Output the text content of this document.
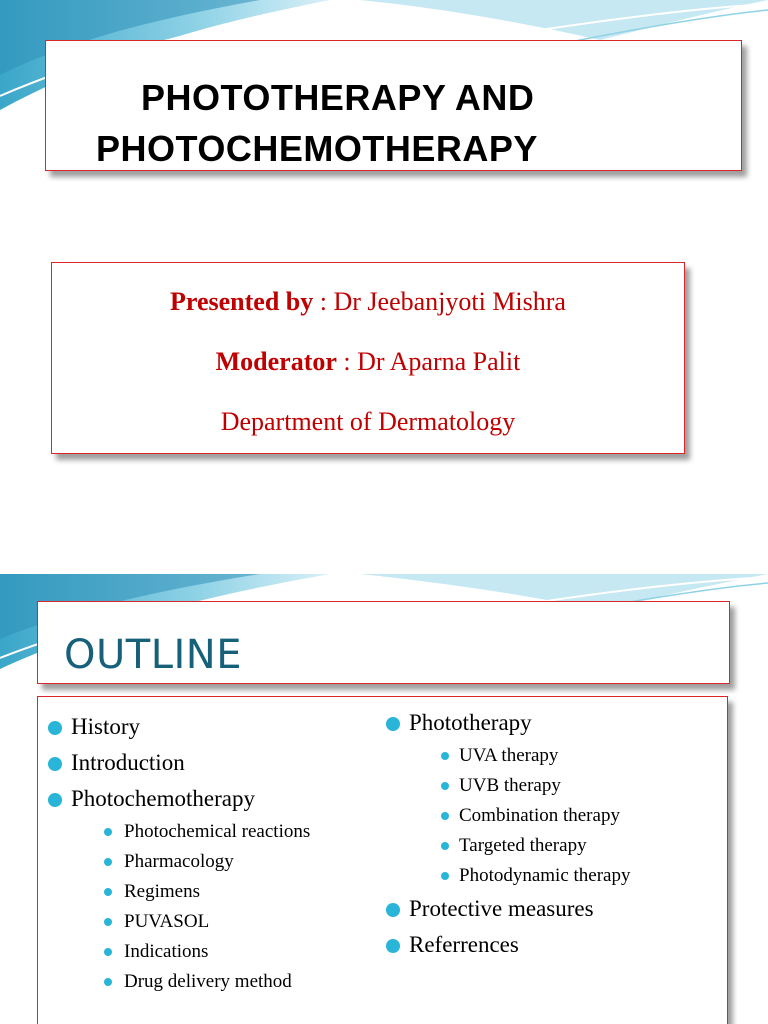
PHOTOTHERAPY AND
PHOTOCHEMOTHERAPY
Presented by : Dr Jeebanjyoti Mishra
Moderator : Dr Aparna Palit
Department of Dermatology
OUTLINE
History
Introduction
Photochemotherapy
Photochemical reactions
Pharmacology
Regimens
PUVASOL
Indications
Drug delivery method
Phototherapy
UVA therapy
UVB therapy
Combination therapy
Targeted therapy
Photodynamic therapy
Protective measures
Referrences
